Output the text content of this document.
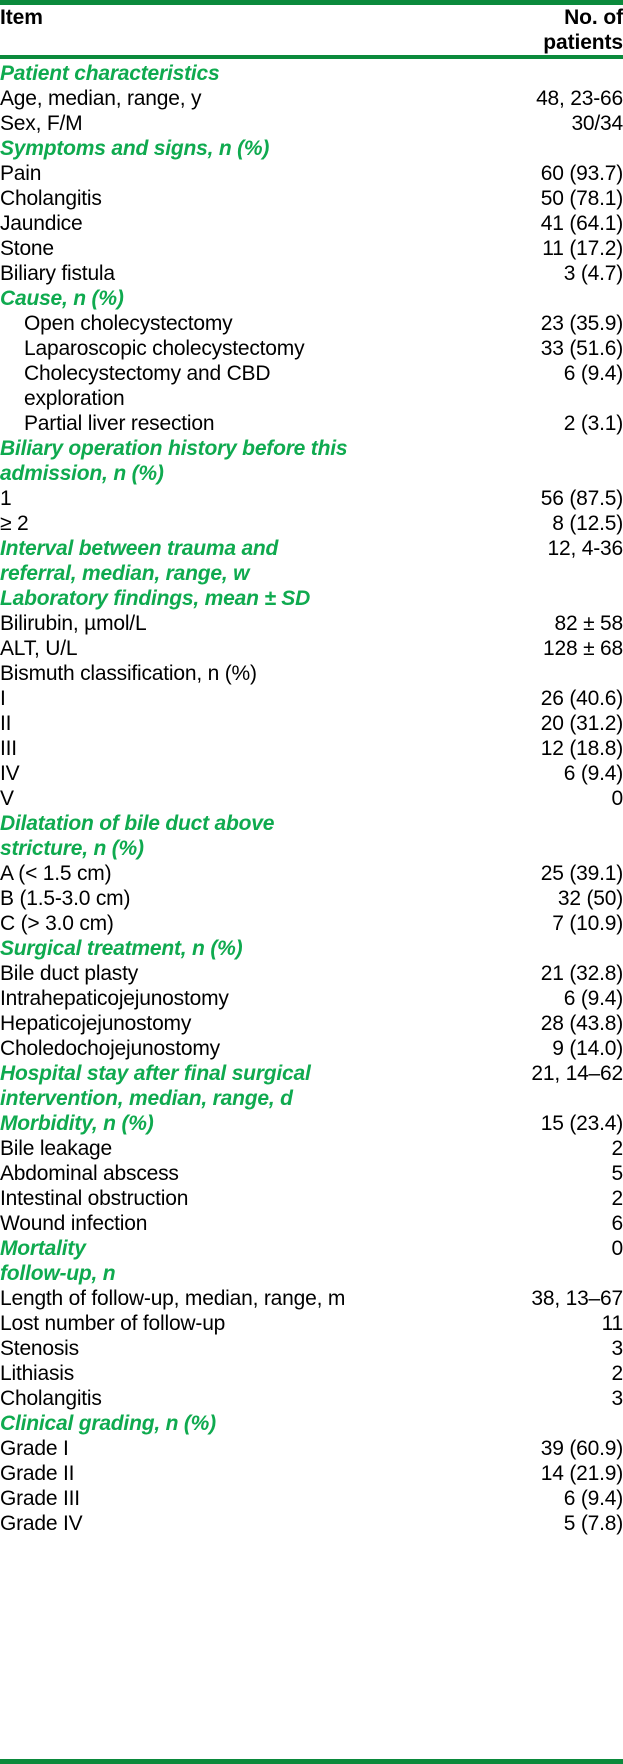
Item	No. of
patients
Patient characteristics	
Age, median, range, y	48, 23-66
Sex, F/M	30/34
Symptoms and signs, n (%)	
Pain	60 (93.7)
Cholangitis	50 (78.1)
Jaundice	41 (64.1)
Stone	11 (17.2)
Biliary fistula	3 (4.7)
Cause, n (%)	
Open cholecystectomy	23 (35.9)
Laparoscopic cholecystectomy	33 (51.6)
Cholecystectomy and CBD	6 (9.4)
exploration	
Partial liver resection	2 (3.1)
Biliary operation history before this	
admission, n (%)	
1	56 (87.5)
≥ 2	8 (12.5)
Interval between trauma and	12, 4-36
referral, median, range, w	
Laboratory findings, mean ± SD	
Bilirubin, µmol/L	82 ± 58
ALT, U/L	128 ± 68
Bismuth classification, n (%)	
I	26 (40.6)
II	20 (31.2)
III	12 (18.8)
IV	6 (9.4)
V	0
Dilatation of bile duct above	
stricture, n (%)	
A (< 1.5 cm)	25 (39.1)
B (1.5-3.0 cm)	32 (50)
C (> 3.0 cm)	7 (10.9)
Surgical treatment, n (%)	
Bile duct plasty	21 (32.8)
Intrahepaticojejunostomy	6 (9.4)
Hepaticojejunostomy	28 (43.8)
Choledochojejunostomy	9 (14.0)
Hospital stay after final surgical	21, 14–62
intervention, median, range, d	
Morbidity, n (%)	15 (23.4)
Bile leakage	2
Abdominal abscess	5
Intestinal obstruction	2
Wound infection	6
Mortality	0
follow-up, n	
Length of follow-up, median, range, m	38, 13–67
Lost number of follow-up	11
Stenosis	3
Lithiasis	2
Cholangitis	3
Clinical grading, n (%)	
Grade I	39 (60.9)
Grade II	14 (21.9)
Grade III	6 (9.4)
Grade IV	5 (7.8)
